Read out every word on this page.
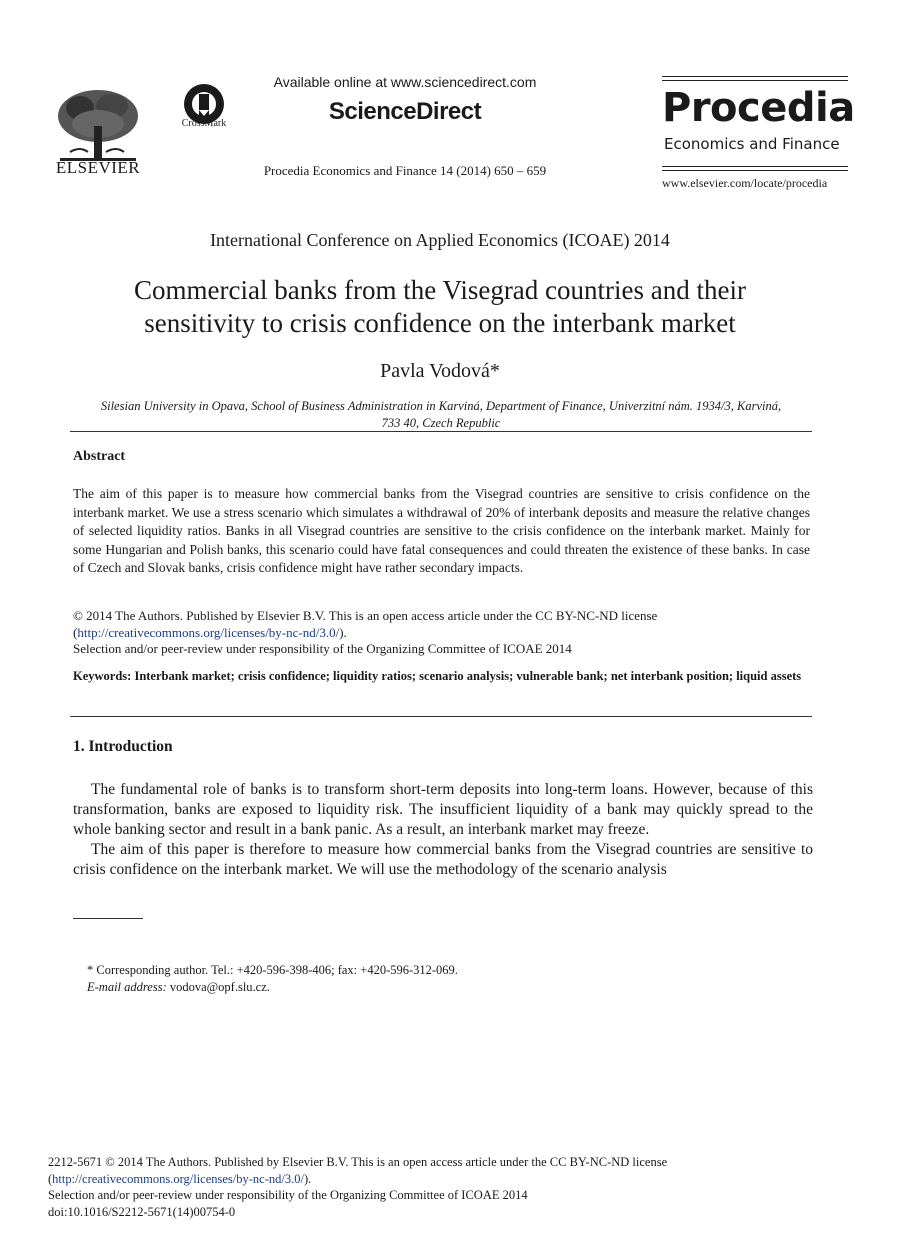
ELSEVIER
CrossMark
Available online at www.sciencedirect.com
ScienceDirect
Procedia Economics and Finance 14 (2014) 650 – 659
Procedia
Economics and Finance
www.elsevier.com/locate/procedia
International Conference on Applied Economics (ICOAE) 2014
Commercial banks from the Visegrad countries and their
sensitivity to crisis confidence on the interbank market
Pavla Vodová*
Silesian University in Opava, School of Business Administration in Karviná, Department of Finance, Univerzitní nám. 1934/3, Karviná,
733 40, Czech Republic
Abstract
The aim of this paper is to measure how commercial banks from the Visegrad countries are sensitive to crisis confidence on the interbank market. We use a stress scenario which simulates a withdrawal of 20% of interbank deposits and measure the relative changes of selected liquidity ratios. Banks in all Visegrad countries are sensitive to the crisis confidence on the interbank market. Mainly for some Hungarian and Polish banks, this scenario could have fatal consequences and could threaten the existence of these banks. In case of Czech and Slovak banks, crisis confidence might have rather secondary impacts.
© 2014 The Authors. Published by Elsevier B.V. This is an open access article under the CC BY-NC-ND license
(http://creativecommons.org/licenses/by-nc-nd/3.0/).
Selection and/or peer-review under responsibility of the Organizing Committee of ICOAE 2014
Keywords: Interbank market; crisis confidence; liquidity ratios; scenario analysis; vulnerable bank; net interbank position; liquid assets
1. Introduction

The fundamental role of banks is to transform short-term deposits into long-term loans. However, because of this transformation, banks are exposed to liquidity risk. The insufficient liquidity of a bank may quickly spread to the whole banking sector and result in a bank panic. As a result, an interbank market may freeze.

The aim of this paper is therefore to measure how commercial banks from the Visegrad countries are sensitive to crisis confidence on the interbank market. We will use the methodology of the scenario analysis

* Corresponding author. Tel.: +420-596-398-406; fax: +420-596-312-069.
E-mail address: vodova@opf.slu.cz.
2212-5671 © 2014 The Authors. Published by Elsevier B.V. This is an open access article under the CC BY-NC-ND license
(http://creativecommons.org/licenses/by-nc-nd/3.0/).
Selection and/or peer-review under responsibility of the Organizing Committee of ICOAE 2014
doi:10.1016/S2212-5671(14)00754-0
